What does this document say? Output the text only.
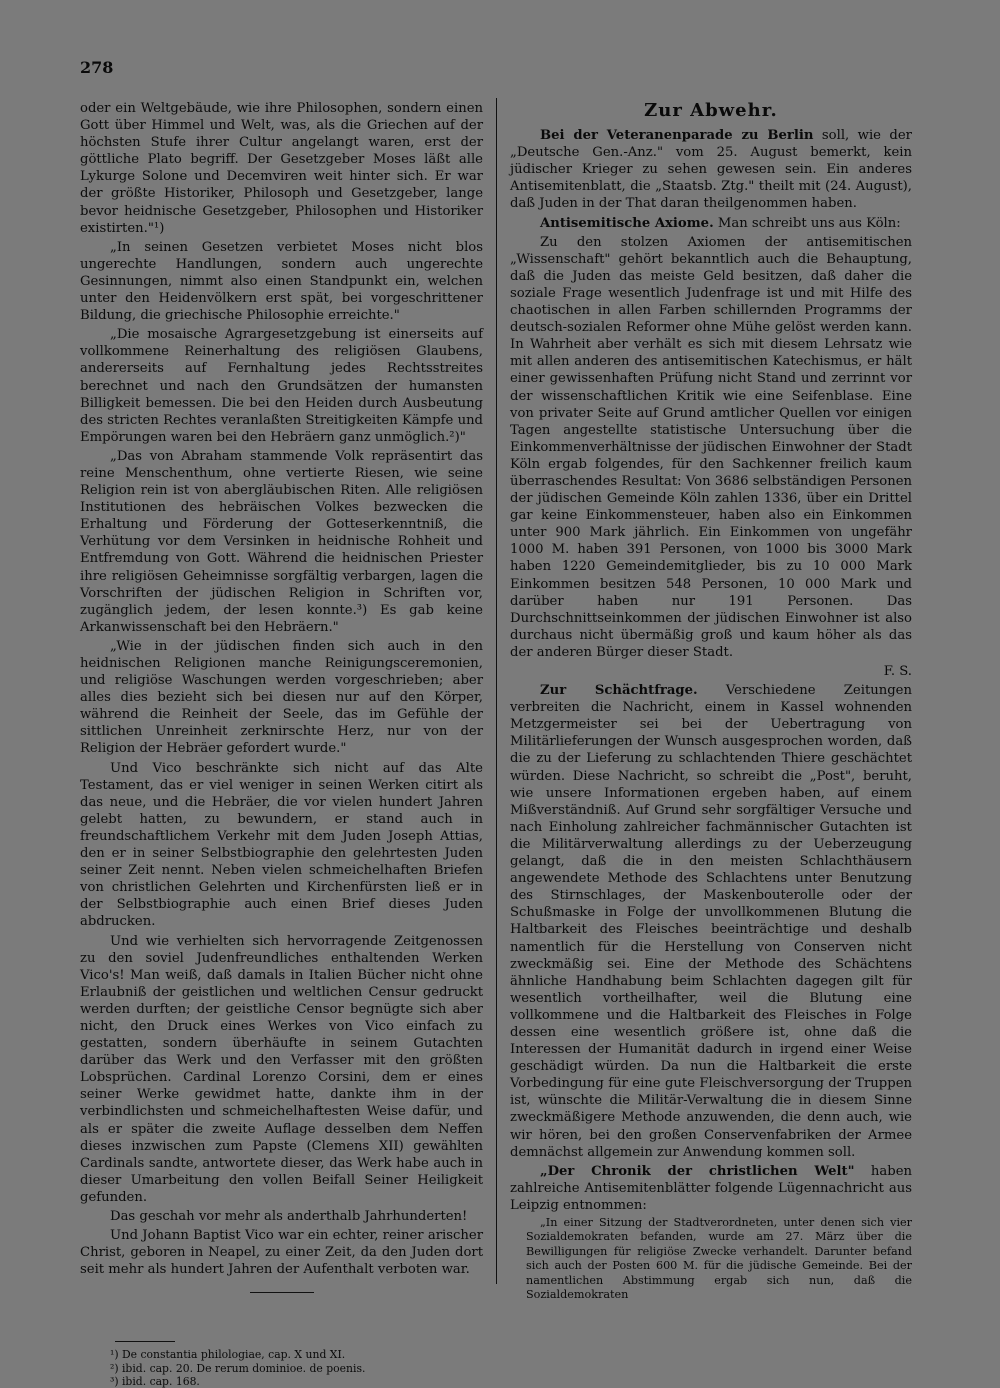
278

oder ein Weltgebäude, wie ihre Philosophen, sondern einen Gott über Himmel und Welt, was, als die Griechen auf der höchsten Stufe ihrer Cultur angelangt waren, erst der göttliche Plato begriff. Der Gesetzgeber Moses läßt alle Lykurge Solone und Decemviren weit hinter sich. Er war der größte Historiker, Philosoph und Gesetzgeber, lange bevor heidnische Gesetzgeber, Philosophen und Historiker existirten."¹)

„In seinen Gesetzen verbietet Moses nicht blos ungerechte Handlungen, sondern auch ungerechte Gesinnungen, nimmt also einen Standpunkt ein, welchen unter den Heidenvölkern erst spät, bei vorgeschrittener Bildung, die griechische Philosophie erreichte."

„Die mosaische Agrargesetzgebung ist einerseits auf vollkommene Reinerhaltung des religiösen Glaubens, andererseits auf Fernhaltung jedes Rechtsstreites berechnet und nach den Grundsätzen der humansten Billigkeit bemessen. Die bei den Heiden durch Ausbeutung des stricten Rechtes veranlaßten Streitigkeiten Kämpfe und Empörungen waren bei den Hebräern ganz unmöglich.²)"

„Das von Abraham stammende Volk repräsentirt das reine Menschenthum, ohne vertierte Riesen, wie seine Religion rein ist von abergläubischen Riten. Alle religiösen Institutionen des hebräischen Volkes bezwecken die Erhaltung und Förderung der Gotteserkenntniß, die Verhütung vor dem Versinken in heidnische Rohheit und Entfremdung von Gott. Während die heidnischen Priester ihre religiösen Geheimnisse sorgfältig verbargen, lagen die Vorschriften der jüdischen Religion in Schriften vor, zugänglich jedem, der lesen konnte.³) Es gab keine Arkanwissenschaft bei den Hebräern."

„Wie in der jüdischen finden sich auch in den heidnischen Religionen manche Reinigungsceremonien, und religiöse Waschungen werden vorgeschrieben; aber alles dies bezieht sich bei diesen nur auf den Körper, während die Reinheit der Seele, das im Gefühle der sittlichen Unreinheit zerknirschte Herz, nur von der Religion der Hebräer gefordert wurde."

Und Vico beschränkte sich nicht auf das Alte Testament, das er viel weniger in seinen Werken citirt als das neue, und die Hebräer, die vor vielen hundert Jahren gelebt hatten, zu bewundern, er stand auch in freundschaftlichem Verkehr mit dem Juden Joseph Attias, den er in seiner Selbstbiographie den gelehrtesten Juden seiner Zeit nennt. Neben vielen schmeichelhaften Briefen von christlichen Gelehrten und Kirchenfürsten ließ er in der Selbstbiographie auch einen Brief dieses Juden abdrucken.

Und wie verhielten sich hervorragende Zeitgenossen zu den soviel Judenfreundliches enthaltenden Werken Vico's! Man weiß, daß damals in Italien Bücher nicht ohne Erlaubniß der geistlichen und weltlichen Censur gedruckt werden durften; der geistliche Censor begnügte sich aber nicht, den Druck eines Werkes von Vico einfach zu gestatten, sondern überhäufte in seinem Gutachten darüber das Werk und den Verfasser mit den größten Lobsprüchen. Cardinal Lorenzo Corsini, dem er eines seiner Werke gewidmet hatte, dankte ihm in der verbindlichsten und schmeichelhaftesten Weise dafür, und als er später die zweite Auflage desselben dem Neffen dieses inzwischen zum Papste (Clemens XII) gewählten Cardinals sandte, antwortete dieser, das Werk habe auch in dieser Umarbeitung den vollen Beifall Seiner Heiligkeit gefunden.

Das geschah vor mehr als anderthalb Jahrhunderten!

Und Johann Baptist Vico war ein echter, reiner arischer Christ, geboren in Neapel, zu einer Zeit, da den Juden dort seit mehr als hundert Jahren der Aufenthalt verboten war.

¹) De constantia philologiae, cap. X und XI.
²) ibid. cap. 20. De rerum dominioe. de poenis.
³) ibid. cap. 168.
Zur Abwehr.

Bei der Veteranenparade zu Berlin soll, wie der „Deutsche Gen.-Anz." vom 25. August bemerkt, kein jüdischer Krieger zu sehen gewesen sein. Ein anderes Antisemitenblatt, die „Staatsb. Ztg." theilt mit (24. August), daß Juden in der That daran theilgenommen haben.

Antisemitische Axiome. Man schreibt uns aus Köln:

Zu den stolzen Axiomen der antisemitischen „Wissenschaft" gehört bekanntlich auch die Behauptung, daß die Juden das meiste Geld besitzen, daß daher die soziale Frage wesentlich Judenfrage ist und mit Hilfe des chaotischen in allen Farben schillernden Programms der deutsch-sozialen Reformer ohne Mühe gelöst werden kann. In Wahrheit aber verhält es sich mit diesem Lehrsatz wie mit allen anderen des antisemitischen Katechismus, er hält einer gewissenhaften Prüfung nicht Stand und zerrinnt vor der wissenschaftlichen Kritik wie eine Seifenblase. Eine von privater Seite auf Grund amtlicher Quellen vor einigen Tagen angestellte statistische Untersuchung über die Einkommenverhältnisse der jüdischen Einwohner der Stadt Köln ergab folgendes, für den Sachkenner freilich kaum überraschendes Resultat: Von 3686 selbständigen Personen der jüdischen Gemeinde Köln zahlen 1336, über ein Drittel gar keine Einkommensteuer, haben also ein Einkommen unter 900 Mark jährlich. Ein Einkommen von ungefähr 1000 M. haben 391 Personen, von 1000 bis 3000 Mark haben 1220 Gemeindemitglieder, bis zu 10 000 Mark Einkommen besitzen 548 Personen, 10 000 Mark und darüber haben nur 191 Personen. Das Durchschnittseinkommen der jüdischen Einwohner ist also durchaus nicht übermäßig groß und kaum höher als das der anderen Bürger dieser Stadt.

F. S.

Zur Schächtfrage. Verschiedene Zeitungen verbreiten die Nachricht, einem in Kassel wohnenden Metzgermeister sei bei der Uebertragung von Militärlieferungen der Wunsch ausgesprochen worden, daß die zu der Lieferung zu schlachtenden Thiere geschächtet würden. Diese Nachricht, so schreibt die „Post", beruht, wie unsere Informationen ergeben haben, auf einem Mißverständniß. Auf Grund sehr sorgfältiger Versuche und nach Einholung zahlreicher fachmännischer Gutachten ist die Militärverwaltung allerdings zu der Ueberzeugung gelangt, daß die in den meisten Schlachthäusern angewendete Methode des Schlachtens unter Benutzung des Stirnschlages, der Maskenbouterolle oder der Schußmaske in Folge der unvollkommenen Blutung die Haltbarkeit des Fleisches beeinträchtige und deshalb namentlich für die Herstellung von Conserven nicht zweckmäßig sei. Eine der Methode des Schächtens ähnliche Handhabung beim Schlachten dagegen gilt für wesentlich vortheilhafter, weil die Blutung eine vollkommene und die Haltbarkeit des Fleisches in Folge dessen eine wesentlich größere ist, ohne daß die Interessen der Humanität dadurch in irgend einer Weise geschädigt würden. Da nun die Haltbarkeit die erste Vorbedingung für eine gute Fleischversorgung der Truppen ist, wünschte die Militär-Verwaltung die in diesem Sinne zweckmäßigere Methode anzuwenden, die denn auch, wie wir hören, bei den großen Conservenfabriken der Armee demnächst allgemein zur Anwendung kommen soll.

„Der Chronik der christlichen Welt" haben zahlreiche Antisemitenblätter folgende Lügennachricht aus Leipzig entnommen:

„In einer Sitzung der Stadtverordneten, unter denen sich vier Sozialdemokraten befanden, wurde am 27. März über die Bewilligungen für religiöse Zwecke verhandelt. Darunter befand sich auch der Posten 600 M. für die jüdische Gemeinde. Bei der namentlichen Abstimmung ergab sich nun, daß die Sozialdemokraten
